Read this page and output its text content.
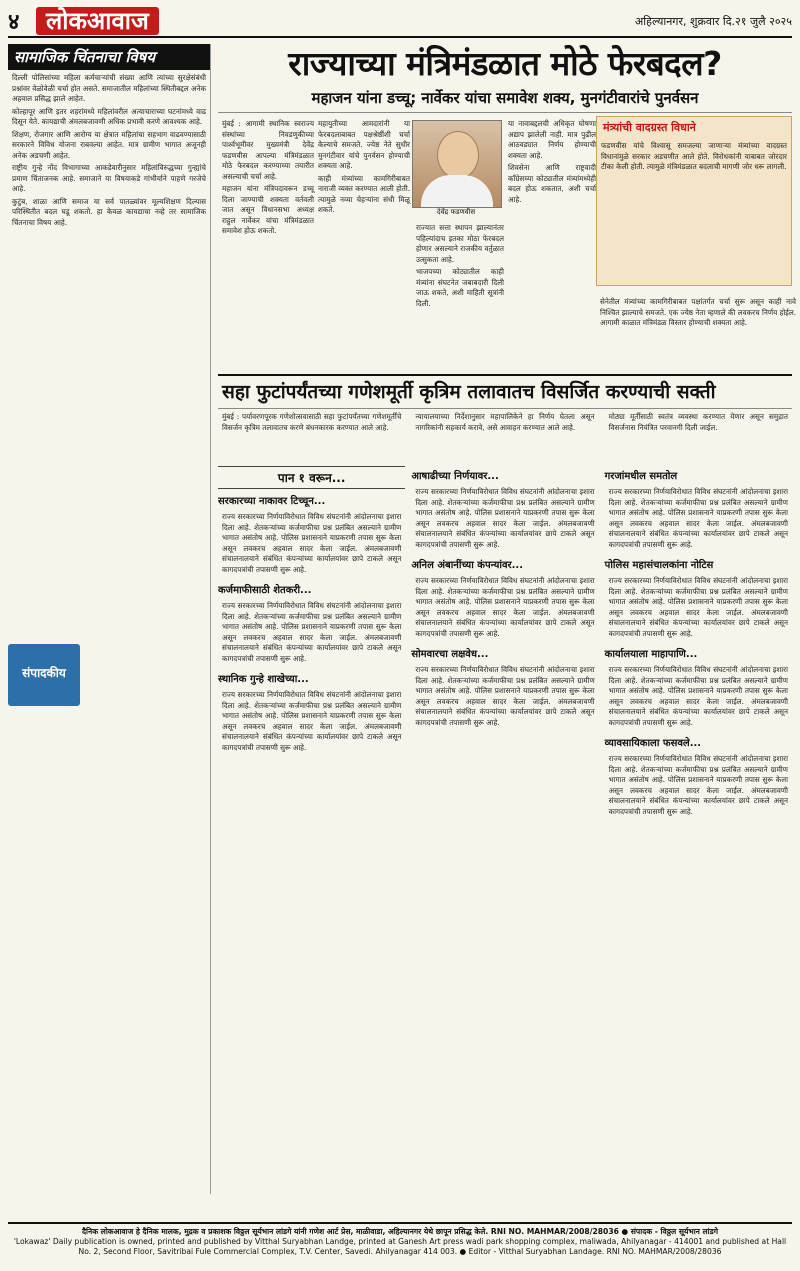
४	लोकआवाज	अहिल्यानगर, शुक्रवार दि.२१ जुलै २०२५
सामाजिक चिंतनाचा विषय

दिल्ली पोलिसांच्या महिला कर्मचाऱ्यांची संख्या आणि त्यांच्या सुरक्षेसंबंधी प्रश्नांवर वेळोवेळी चर्चा होत असते. समाजातील महिलांच्या स्थितीबद्दल अनेक अहवाल प्रसिद्ध झाले आहेत.

कोल्हापूर आणि इतर शहरांमध्ये महिलांवरील अत्याचाराच्या घटनांमध्ये वाढ दिसून येते. कायद्याची अंमलबजावणी अधिक प्रभावी करणे आवश्यक आहे.

शिक्षण, रोजगार आणि आरोग्य या क्षेत्रात महिलांचा सहभाग वाढवण्यासाठी सरकारने विविध योजना राबवल्या आहेत. मात्र ग्रामीण भागात अजूनही अनेक अडचणी आहेत.

राष्ट्रीय गुन्हे नोंद विभागाच्या आकडेवारीनुसार महिलांविरुद्धच्या गुन्ह्यांचे प्रमाण चिंताजनक आहे. समाजाने या विषयाकडे गांभीर्याने पाहणे गरजेचे आहे.

कुटुंब, शाळा आणि समाज या सर्व पातळ्यांवर मूल्यशिक्षण दिल्यास परिस्थितीत बदल घडू शकतो. हा केवळ कायद्याचा नव्हे तर सामाजिक चिंतनाचा विषय आहे.

संपादकीय
राज्याच्या मंत्रिमंडळात मोठे फेरबदल?
महाजन यांना डच्चू; नार्वेकर यांचा समावेश शक्य, मुनगंटीवारांचे पुनर्वसन

मुंबई : आगामी स्थानिक स्वराज्य संस्थांच्या निवडणुकीच्या पार्श्वभूमीवर मुख्यमंत्री देवेंद्र फडणवीस आपल्या मंत्रिमंडळात मोठे फेरबदल करण्याच्या तयारीत असल्याची चर्चा आहे.

महाजन यांना मंत्रिपदावरून डच्चू दिला जाण्याची शक्यता वर्तवली जात असून विधानसभा अध्यक्ष राहुल नार्वेकर यांचा मंत्रिमंडळात समावेश होऊ शकतो.

महायुतीच्या आमदारांनी या फेरबदलाबाबत पक्षश्रेष्ठींशी चर्चा केल्याचे समजते. ज्येष्ठ नेते सुधीर मुनगंटीवार यांचे पुनर्वसन होण्याची शक्यता आहे.

काही मंत्र्यांच्या कामगिरीबाबत नाराजी व्यक्त करण्यात आली होती. त्यामुळे नव्या चेहऱ्यांना संधी मिळू शकते.	देवेंद्र फडणवीस

राज्यात सत्ता स्थापन झाल्यानंतर पहिल्यांदाच इतका मोठा फेरबदल होणार असल्याने राजकीय वर्तुळात उत्सुकता आहे.

भाजपच्या कोट्यातील काही मंत्र्यांना संघटनेत जबाबदारी दिली जाऊ शकते, अशी माहिती सूत्रांनी दिली.

या नावाबद्दलची अधिकृत घोषणा अद्याप झालेली नाही. मात्र पुढील आठवड्यात निर्णय होण्याची शक्यता आहे.

शिवसेना आणि राष्ट्रवादी काँग्रेसच्या कोट्यातील मंत्र्यांमध्येही बदल होऊ शकतात, अशी चर्चा आहे.

मंत्र्यांची वादग्रस्त विधाने
फडणवीस यांचे विश्वासू समजल्या जाणाऱ्या मंत्र्यांच्या वादग्रस्त विधानांमुळे सरकार अडचणीत आले होते. विरोधकांनी याबाबत जोरदार टीका केली होती. त्यामुळे मंत्रिमंडळात बदलाची मागणी जोर धरू लागली.
सेनेतील मंत्र्यांच्या कामगिरीबाबत पक्षांतर्गत चर्चा सुरू असून काही नावे निश्चित झाल्याचे समजते. एक ज्येष्ठ नेता म्हणाले की लवकरच निर्णय होईल. आगामी काळात मंत्रिमंडळ विस्तार होण्याची शक्यता आहे.
सहा फुटांपर्यंतच्या गणेशमूर्ती कृत्रिम तलावातच विसर्जित करण्याची सक्ती
मुंबई : पर्यावरणपूरक गणेशोत्सवासाठी सहा फुटांपर्यंतच्या गणेशमूर्तींचे विसर्जन कृत्रिम तलावातच करणे बंधनकारक करण्यात आले आहे.
न्यायालयाच्या निर्देशानुसार महापालिकेने हा निर्णय घेतला असून नागरिकांनी सहकार्य करावे, असे आवाहन करण्यात आले आहे.
मोठ्या मूर्तींसाठी स्वतंत्र व्यवस्था करण्यात येणार असून समुद्रात विसर्जनास नियंत्रित परवानगी दिली जाईल.
पान १ वरून...
सरकारच्या नाकावर टिच्चून...
राज्य सरकारच्या निर्णयाविरोधात विविध संघटनांनी आंदोलनाचा इशारा दिला आहे. शेतकऱ्यांच्या कर्जमाफीचा प्रश्न प्रलंबित असल्याने ग्रामीण भागात असंतोष आहे. पोलिस प्रशासनाने याप्रकरणी तपास सुरू केला असून लवकरच अहवाल सादर केला जाईल. अंमलबजावणी संचालनालयाने संबंधित कंपन्यांच्या कार्यालयांवर छापे टाकले असून कागदपत्रांची तपासणी सुरू आहे.
कर्जमाफीसाठी शेतकरी...
राज्य सरकारच्या निर्णयाविरोधात विविध संघटनांनी आंदोलनाचा इशारा दिला आहे. शेतकऱ्यांच्या कर्जमाफीचा प्रश्न प्रलंबित असल्याने ग्रामीण भागात असंतोष आहे. पोलिस प्रशासनाने याप्रकरणी तपास सुरू केला असून लवकरच अहवाल सादर केला जाईल. अंमलबजावणी संचालनालयाने संबंधित कंपन्यांच्या कार्यालयांवर छापे टाकले असून कागदपत्रांची तपासणी सुरू आहे.
स्थानिक गुन्हे शाखेच्या...
राज्य सरकारच्या निर्णयाविरोधात विविध संघटनांनी आंदोलनाचा इशारा दिला आहे. शेतकऱ्यांच्या कर्जमाफीचा प्रश्न प्रलंबित असल्याने ग्रामीण भागात असंतोष आहे. पोलिस प्रशासनाने याप्रकरणी तपास सुरू केला असून लवकरच अहवाल सादर केला जाईल. अंमलबजावणी संचालनालयाने संबंधित कंपन्यांच्या कार्यालयांवर छापे टाकले असून कागदपत्रांची तपासणी सुरू आहे.
आषाढीच्या निर्णयावर...
राज्य सरकारच्या निर्णयाविरोधात विविध संघटनांनी आंदोलनाचा इशारा दिला आहे. शेतकऱ्यांच्या कर्जमाफीचा प्रश्न प्रलंबित असल्याने ग्रामीण भागात असंतोष आहे. पोलिस प्रशासनाने याप्रकरणी तपास सुरू केला असून लवकरच अहवाल सादर केला जाईल. अंमलबजावणी संचालनालयाने संबंधित कंपन्यांच्या कार्यालयांवर छापे टाकले असून कागदपत्रांची तपासणी सुरू आहे.
अनिल अंबानींच्या कंपन्यांवर...
राज्य सरकारच्या निर्णयाविरोधात विविध संघटनांनी आंदोलनाचा इशारा दिला आहे. शेतकऱ्यांच्या कर्जमाफीचा प्रश्न प्रलंबित असल्याने ग्रामीण भागात असंतोष आहे. पोलिस प्रशासनाने याप्रकरणी तपास सुरू केला असून लवकरच अहवाल सादर केला जाईल. अंमलबजावणी संचालनालयाने संबंधित कंपन्यांच्या कार्यालयांवर छापे टाकले असून कागदपत्रांची तपासणी सुरू आहे.
सोमवारचा लक्षवेध...
राज्य सरकारच्या निर्णयाविरोधात विविध संघटनांनी आंदोलनाचा इशारा दिला आहे. शेतकऱ्यांच्या कर्जमाफीचा प्रश्न प्रलंबित असल्याने ग्रामीण भागात असंतोष आहे. पोलिस प्रशासनाने याप्रकरणी तपास सुरू केला असून लवकरच अहवाल सादर केला जाईल. अंमलबजावणी संचालनालयाने संबंधित कंपन्यांच्या कार्यालयांवर छापे टाकले असून कागदपत्रांची तपासणी सुरू आहे.
गरजांमधील समतोल
राज्य सरकारच्या निर्णयाविरोधात विविध संघटनांनी आंदोलनाचा इशारा दिला आहे. शेतकऱ्यांच्या कर्जमाफीचा प्रश्न प्रलंबित असल्याने ग्रामीण भागात असंतोष आहे. पोलिस प्रशासनाने याप्रकरणी तपास सुरू केला असून लवकरच अहवाल सादर केला जाईल. अंमलबजावणी संचालनालयाने संबंधित कंपन्यांच्या कार्यालयांवर छापे टाकले असून कागदपत्रांची तपासणी सुरू आहे.
पोलिस महासंचालकांना नोटिस
राज्य सरकारच्या निर्णयाविरोधात विविध संघटनांनी आंदोलनाचा इशारा दिला आहे. शेतकऱ्यांच्या कर्जमाफीचा प्रश्न प्रलंबित असल्याने ग्रामीण भागात असंतोष आहे. पोलिस प्रशासनाने याप्रकरणी तपास सुरू केला असून लवकरच अहवाल सादर केला जाईल. अंमलबजावणी संचालनालयाने संबंधित कंपन्यांच्या कार्यालयांवर छापे टाकले असून कागदपत्रांची तपासणी सुरू आहे.
कार्यालयाला माहापाणि...
राज्य सरकारच्या निर्णयाविरोधात विविध संघटनांनी आंदोलनाचा इशारा दिला आहे. शेतकऱ्यांच्या कर्जमाफीचा प्रश्न प्रलंबित असल्याने ग्रामीण भागात असंतोष आहे. पोलिस प्रशासनाने याप्रकरणी तपास सुरू केला असून लवकरच अहवाल सादर केला जाईल. अंमलबजावणी संचालनालयाने संबंधित कंपन्यांच्या कार्यालयांवर छापे टाकले असून कागदपत्रांची तपासणी सुरू आहे.
व्यावसायिकाला फसवले...
राज्य सरकारच्या निर्णयाविरोधात विविध संघटनांनी आंदोलनाचा इशारा दिला आहे. शेतकऱ्यांच्या कर्जमाफीचा प्रश्न प्रलंबित असल्याने ग्रामीण भागात असंतोष आहे. पोलिस प्रशासनाने याप्रकरणी तपास सुरू केला असून लवकरच अहवाल सादर केला जाईल. अंमलबजावणी संचालनालयाने संबंधित कंपन्यांच्या कार्यालयांवर छापे टाकले असून कागदपत्रांची तपासणी सुरू आहे.
दैनिक लोकआवाज हे दैनिक मालक, मुद्रक व प्रकाशक विठ्ठल सूर्यभान लांडगे यांनी गणेश आर्ट प्रेस, माळीवाडा, अहिल्यानगर येथे छापून प्रसिद्ध केले. RNI NO. MAHMAR/2008/28036 ● संपादक - विठ्ठल सूर्यभान लांडगे
'Lokawaz' Daily publication is owned, printed and published by Vitthal Suryabhan Landge, printed at Ganesh Art press wadi park shopping complex, maliwada, Ahilyanagar - 414001 and published at Hall No. 2, Second Floor, Savitribai Fule Commercial Complex, T.V. Center, Savedi. Ahilyanagar 414 003. ● Editor - Vitthal Suryabhan Landage. RNI NO. MAHMAR/2008/28036
